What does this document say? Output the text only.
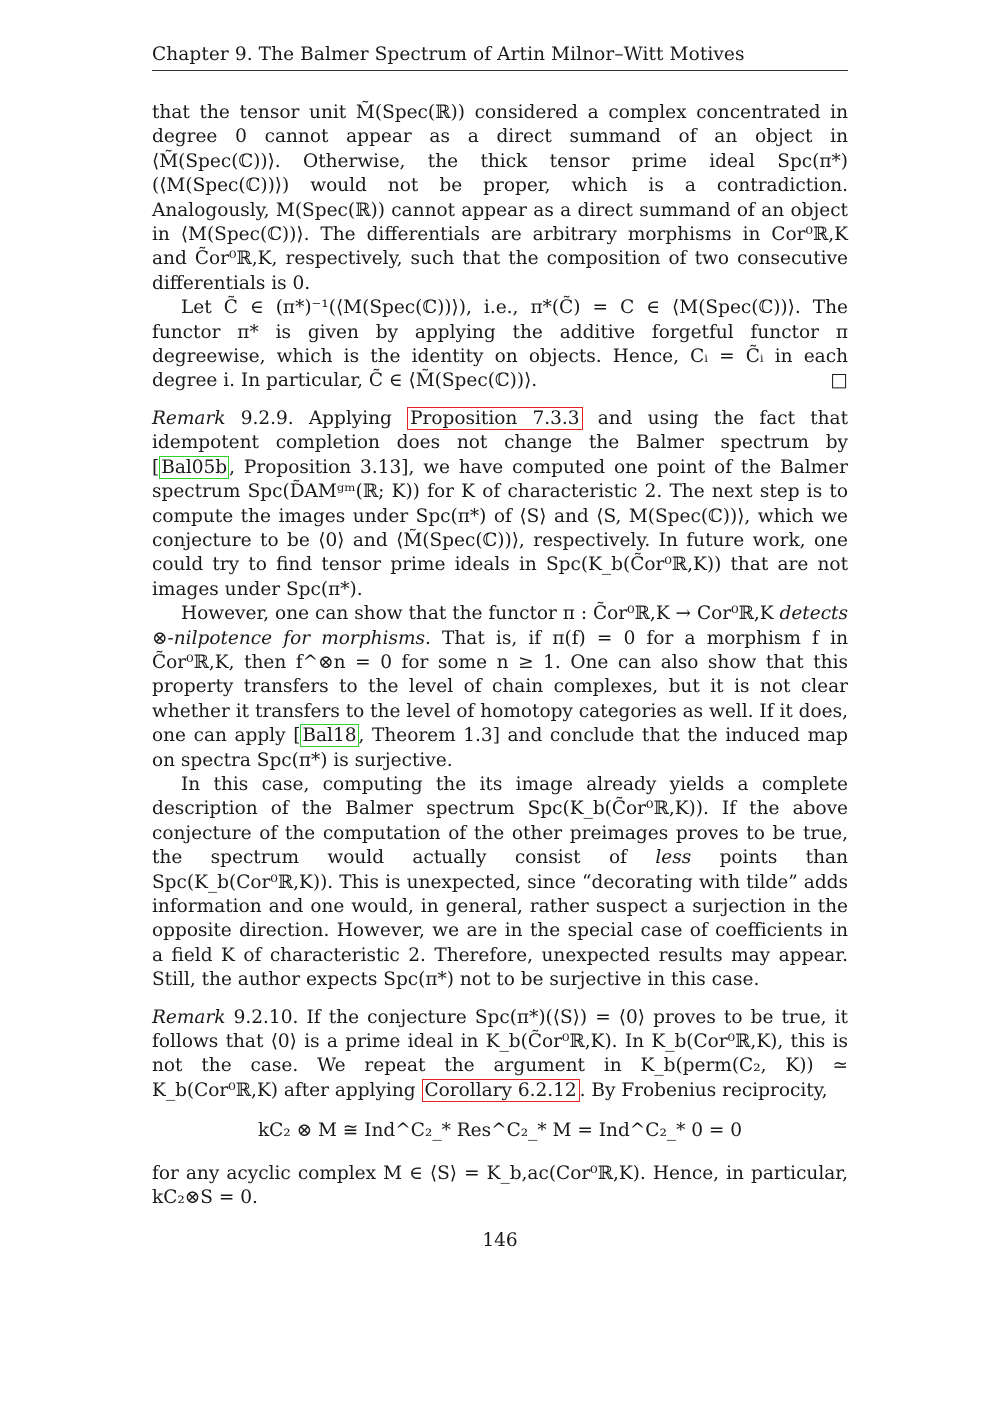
Chapter 9. The Balmer Spectrum of Artin Milnor–Witt Motives

that the tensor unit M̃(Spec(ℝ)) considered a complex concentrated in degree 0 cannot appear as a direct summand of an object in ⟨M̃(Spec(ℂ))⟩. Otherwise, the thick tensor prime ideal Spc(π*)(⟨M(Spec(ℂ))⟩) would not be proper, which is a contradiction. Analogously, M(Spec(ℝ)) cannot appear as a direct summand of an object in ⟨M(Spec(ℂ))⟩. The differentials are arbitrary morphisms in Cor⁰ℝ,K and C̃or⁰ℝ,K, respectively, such that the composition of two consecutive differentials is 0.

Let C̃ ∈ (π*)⁻¹(⟨M(Spec(ℂ))⟩), i.e., π*(C̃) = C ∈ ⟨M(Spec(ℂ))⟩. The functor π* is given by applying the additive forgetful functor π degreewise, which is the identity on objects. Hence, Cᵢ = C̃ᵢ in each degree i. In particular, C̃ ∈ ⟨M̃(Spec(ℂ))⟩.	□

Remark 9.2.9. Applying Proposition 7.3.3 and using the fact that idempotent completion does not change the Balmer spectrum by [ Bal05b , Proposition 3.13], we have computed one point of the Balmer spectrum Spc(D̃AMᵍᵐ(ℝ; K)) for K of characteristic 2. The next step is to compute the images under Spc(π*) of ⟨S⟩ and ⟨S, M(Spec(ℂ))⟩, which we conjecture to be ⟨0⟩ and ⟨M̃(Spec(ℂ))⟩, respectively. In future work, one could try to find tensor prime ideals in Spc(K_b(C̃or⁰ℝ,K)) that are not images under Spc(π*).

However, one can show that the functor π : C̃or⁰ℝ,K → Cor⁰ℝ,K detects ⊗-nilpotence for morphisms. That is, if π(f) = 0 for a morphism f in C̃or⁰ℝ,K, then f^⊗n = 0 for some n ≥ 1. One can also show that this property transfers to the level of chain complexes, but it is not clear whether it transfers to the level of homotopy categories as well. If it does, one can apply [ Bal18 , Theorem 1.3] and conclude that the induced map on spectra Spc(π*) is surjective.

In this case, computing the its image already yields a complete description of the Balmer spectrum Spc(K_b(C̃or⁰ℝ,K)). If the above conjecture of the computation of the other preimages proves to be true, the spectrum would actually consist of less points than Spc(K_b(Cor⁰ℝ,K)). This is unexpected, since “decorating with tilde” adds information and one would, in general, rather suspect a surjection in the opposite direction. However, we are in the special case of coefficients in a field K of characteristic 2. Therefore, unexpected results may appear. Still, the author expects Spc(π*) not to be surjective in this case.

Remark 9.2.10. If the conjecture Spc(π*)(⟨S⟩) = ⟨0⟩ proves to be true, it follows that ⟨0⟩ is a prime ideal in K_b(C̃or⁰ℝ,K). In K_b(Cor⁰ℝ,K), this is not the case. We repeat the argument in K_b(perm(C₂, K)) ≃ K_b(Cor⁰ℝ,K) after applying Corollary 6.2.12 . By Frobenius reciprocity,

kC₂ ⊗ M ≅ Ind^C₂_* Res^C₂_* M = Ind^C₂_* 0 = 0

for any acyclic complex M ∈ ⟨S⟩ = K_b,ac(Cor⁰ℝ,K). Hence, in particular, kC₂⊗S = 0.

146
